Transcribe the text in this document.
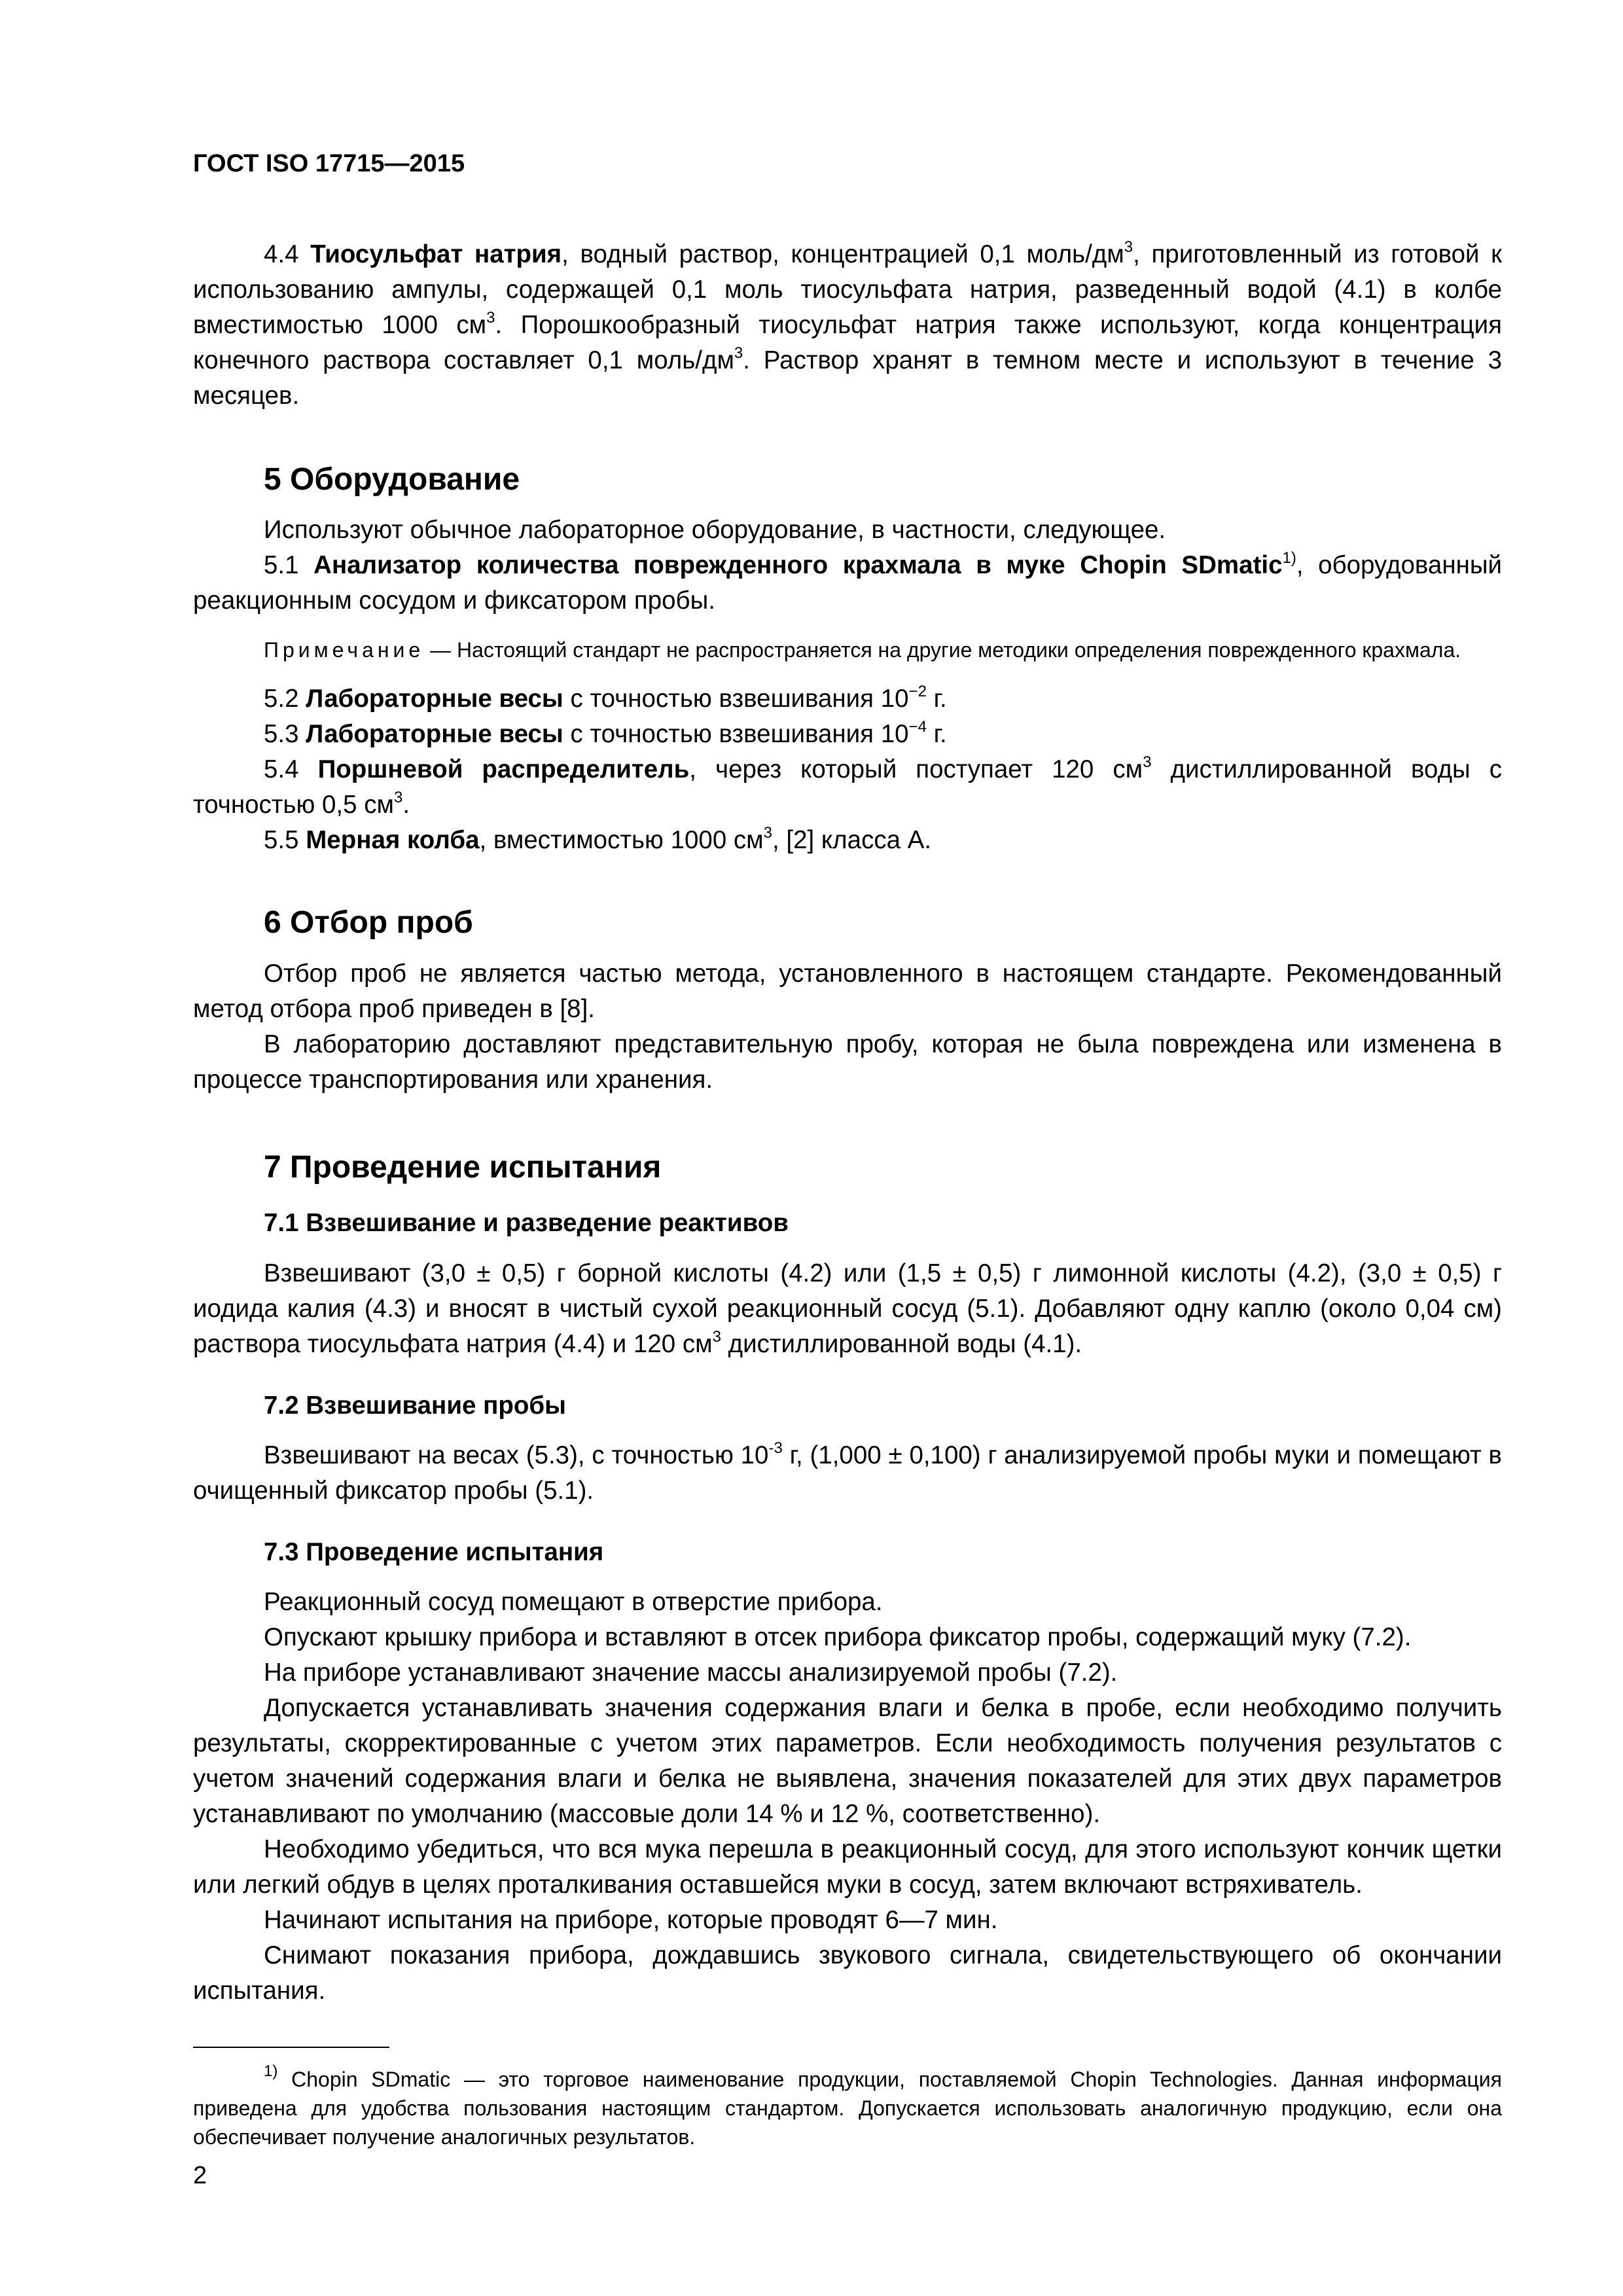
ГОСТ ISO 17715—2015

4.4 Тиосульфат натрия, водный раствор, концентрацией 0,1 моль/$дм^3$, приготовленный из готовой к использованию ампулы, содержащей 0,1 моль тиосульфата натрия, разведенный водой (4.1) в колбе вместимостью 1000 $см^3$. Порошкообразный тиосульфат натрия также используют, когда концентрация конечного раствора составляет 0,1 моль/$дм^3$. Раствор хранят в темном месте и используют в течение 3 месяцев.

5 Оборудование

Используют обычное лабораторное оборудование, в частности, следующее.

5.1 Анализатор количества поврежденного крахмала в муке Chopin SDmatic$^{1)}$, оборудованный реакционным сосудом и фиксатором пробы.

Примечание — Настоящий стандарт не распространяется на другие методики определения поврежденного крахмала.

5.2 Лабораторные весы с точностью взвешивания $10^{-2}$ г.

5.3 Лабораторные весы с точностью взвешивания $10^{-4}$ г.

5.4 Поршневой распределитель, через который поступает 120 $см^3$ дистиллированной воды с точностью 0,5 $см^3$.

5.5 Мерная колба, вместимостью 1000 $см^3$, [2] класса А.

6 Отбор проб

Отбор проб не является частью метода, установленного в настоящем стандарте. Рекомендованный метод отбора проб приведен в [8].

В лабораторию доставляют представительную пробу, которая не была повреждена или изменена в процессе транспортирования или хранения.

7 Проведение испытания
7.1 Взвешивание и разведение реактивов

Взвешивают (3,0 ± 0,5) г борной кислоты (4.2) или (1,5 ± 0,5) г лимонной кислоты (4.2), (3,0 ± 0,5) г иодида калия (4.3) и вносят в чистый сухой реакционный сосуд (5.1). Добавляют одну каплю (около 0,04 см) раствора тиосульфата натрия (4.4) и 120 $см^3$ дистиллированной воды (4.1).

7.2 Взвешивание пробы

Взвешивают на весах (5.3), с точностью $10^{-3}$ г, (1,000 ± 0,100) г анализируемой пробы муки и помещают в очищенный фиксатор пробы (5.1).

7.3 Проведение испытания

Реакционный сосуд помещают в отверстие прибора.

Опускают крышку прибора и вставляют в отсек прибора фиксатор пробы, содержащий муку (7.2).

На приборе устанавливают значение массы анализируемой пробы (7.2).

Допускается устанавливать значения содержания влаги и белка в пробе, если необходимо получить результаты, скорректированные с учетом этих параметров. Если необходимость получения результатов с учетом значений содержания влаги и белка не выявлена, значения показателей для этих двух параметров устанавливают по умолчанию (массовые доли 14 % и 12 %, соответственно).

Необходимо убедиться, что вся мука перешла в реакционный сосуд, для этого используют кончик щетки или легкий обдув в целях проталкивания оставшейся муки в сосуд, затем включают встряхиватель.

Начинают испытания на приборе, которые проводят 6—7 мин.

Снимают показания прибора, дождавшись звукового сигнала, свидетельствующего об окончании испытания.

$^{1)}$ Chopin SDmatic — это торговое наименование продукции, поставляемой Chopin Technologies. Данная информация приведена для удобства пользования настоящим стандартом. Допускается использовать аналогичную продукцию, если она обеспечивает получение аналогичных результатов.
2
